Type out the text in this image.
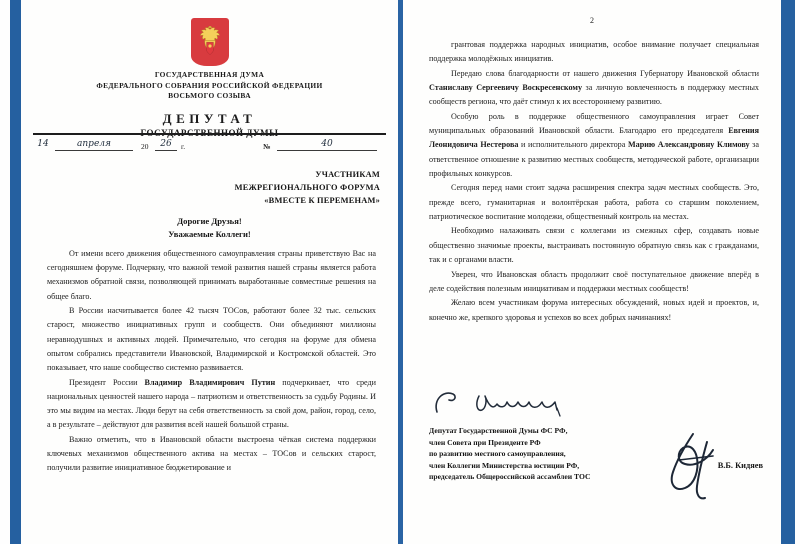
ГОСУДАРСТВЕННАЯ ДУМА
ФЕДЕРАЛЬНОГО СОБРАНИЯ РОССИЙСКОЙ ФЕДЕРАЦИИ
ВОСЬМОГО СОЗЫВА
ДЕПУТАТ
ГОСУДАРСТВЕННОЙ ДУМЫ
14	апреля	20	26	г.	№	40
УЧАСТНИКАМ
МЕЖРЕГИОНАЛЬНОГО ФОРУМА
«ВМЕСТЕ К ПЕРЕМЕНАМ»
Дорогие Друзья!
Уважаемые Коллеги!

От имени всего движения общественного самоуправления страны приветствую Вас на сегодняшнем форуме. Подчеркну, что важной темой развития нашей страны является работа механизмов обратной связи, позволяющей принимать выработанные совместные решения на общее благо.

В России насчитывается более 42 тысяч ТОСов, работают более 32 тыс. сельских старост, множество инициативных групп и сообществ. Они объединяют миллионы неравнодушных и активных людей. Примечательно, что сегодня на форуме для обмена опытом собрались представители Ивановской, Владимирской и Костромской областей. Это показывает, что наше сообщество системно развивается.

Президент России Владимир Владимирович Путин подчеркивает, что среди национальных ценностей нашего народа – патриотизм и ответственность за судьбу Родины. И это мы видим на местах. Люди берут на себя ответственность за свой дом, район, город, село, а в результате – действуют для развития всей нашей большой страны.

Важно отметить, что в Ивановской области выстроена чёткая система поддержки ключевых механизмов общественного актива на местах – ТОСов и сельских старост, получили развитие инициативное бюджетирование и

2

грантовая поддержка народных инициатив, особое внимание получает специальная поддержка молодёжных инициатив.

Передаю слова благодарности от нашего движения Губернатору Ивановской области Станиславу Сергеевичу Воскресенскому за личную вовлеченность в поддержку местных сообществ региона, что даёт стимул к их всестороннему развитию.

Особую роль в поддержке общественного самоуправления играет Совет муниципальных образований Ивановской области. Благодарю его председателя Евгения Леонидовича Нестерова и исполнительного директора Марию Александровну Климову за ответственное отношение к развитию местных сообществ, методической работе, организации профильных конкурсов.

Сегодня перед нами стоит задача расширения спектра задач местных сообществ. Это, прежде всего, гуманитарная и волонтёрская работа, работа со старшим поколением, патриотическое воспитание молодежи, общественный контроль на местах.

Необходимо налаживать связи с коллегами из смежных сфер, создавать новые общественно значимые проекты, выстраивать постоянную обратную связь как с гражданами, так и с органами власти.

Уверен, что Ивановская область продолжит своё поступательное движение вперёд в деле содействия полезным инициативам и поддержки местных сообществ!

Желаю всем участникам форума интересных обсуждений, новых идей и проектов, и, конечно же, крепкого здоровья и успехов во всех добрых начинаниях!

Депутат Государственной Думы ФС РФ,
член Совета при Президенте РФ
по развитию местного самоуправления,
член Коллегии Министерства юстиции РФ,
председатель Общероссийской ассамблеи ТОС
В.Б. Кидяев
